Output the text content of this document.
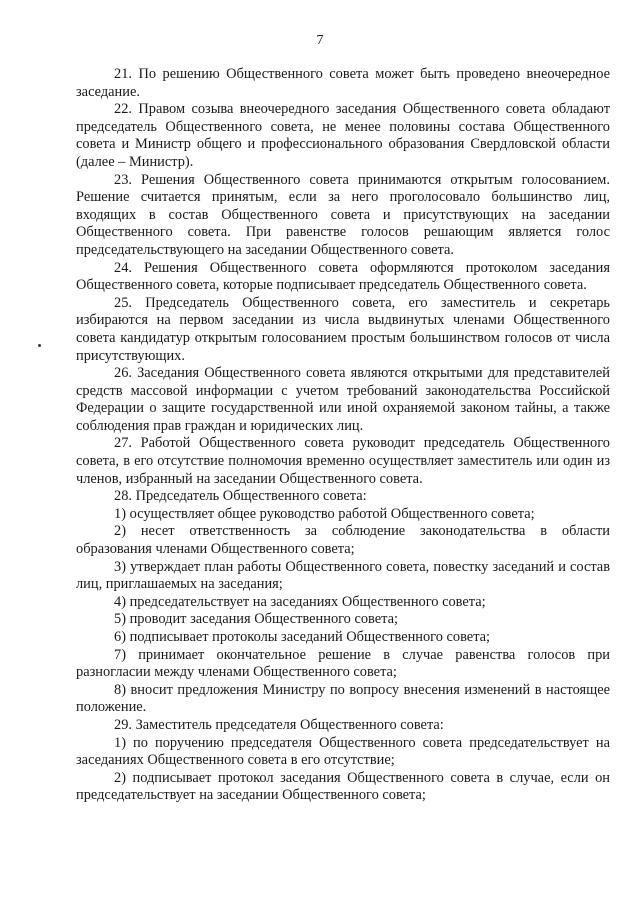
7

21. По решению Общественного совета может быть проведено внеочередное заседание.

22. Правом созыва внеочередного заседания Общественного совета обладают председатель Общественного совета, не менее половины состава Общественного совета и Министр общего и профессионального образования Свердловской области (далее – Министр).

23. Решения Общественного совета принимаются открытым голосованием. Решение считается принятым, если за него проголосовало большинство лиц, входящих в состав Общественного совета и присутствующих на заседании Общественного совета. При равенстве голосов решающим является голос председательствующего на заседании Общественного совета.

24. Решения Общественного совета оформляются протоколом заседания Общественного совета, которые подписывает председатель Общественного совета.

25. Председатель Общественного совета, его заместитель и секретарь избираются на первом заседании из числа выдвинутых членами Общественного совета кандидатур открытым голосованием простым большинством голосов от числа присутствующих.

26. Заседания Общественного совета являются открытыми для представителей средств массовой информации с учетом требований законодательства Российской Федерации о защите государственной или иной охраняемой законом тайны, а также соблюдения прав граждан и юридических лиц.

27. Работой Общественного совета руководит председатель Общественного совета, в его отсутствие полномочия временно осуществляет заместитель или один из членов, избранный на заседании Общественного совета.

28. Председатель Общественного совета:

1) осуществляет общее руководство работой Общественного совета;

2) несет ответственность за соблюдение законодательства в области образования членами Общественного совета;

3) утверждает план работы Общественного совета, повестку заседаний и состав лиц, приглашаемых на заседания;

4) председательствует на заседаниях Общественного совета;

5) проводит заседания Общественного совета;

6) подписывает протоколы заседаний Общественного совета;

7) принимает окончательное решение в случае равенства голосов при разногласии между членами Общественного совета;

8) вносит предложения Министру по вопросу внесения изменений в настоящее положение.

29. Заместитель председателя Общественного совета:

1) по поручению председателя Общественного совета председательствует на заседаниях Общественного совета в его отсутствие;

2) подписывает протокол заседания Общественного совета в случае, если он председательствует на заседании Общественного совета;
